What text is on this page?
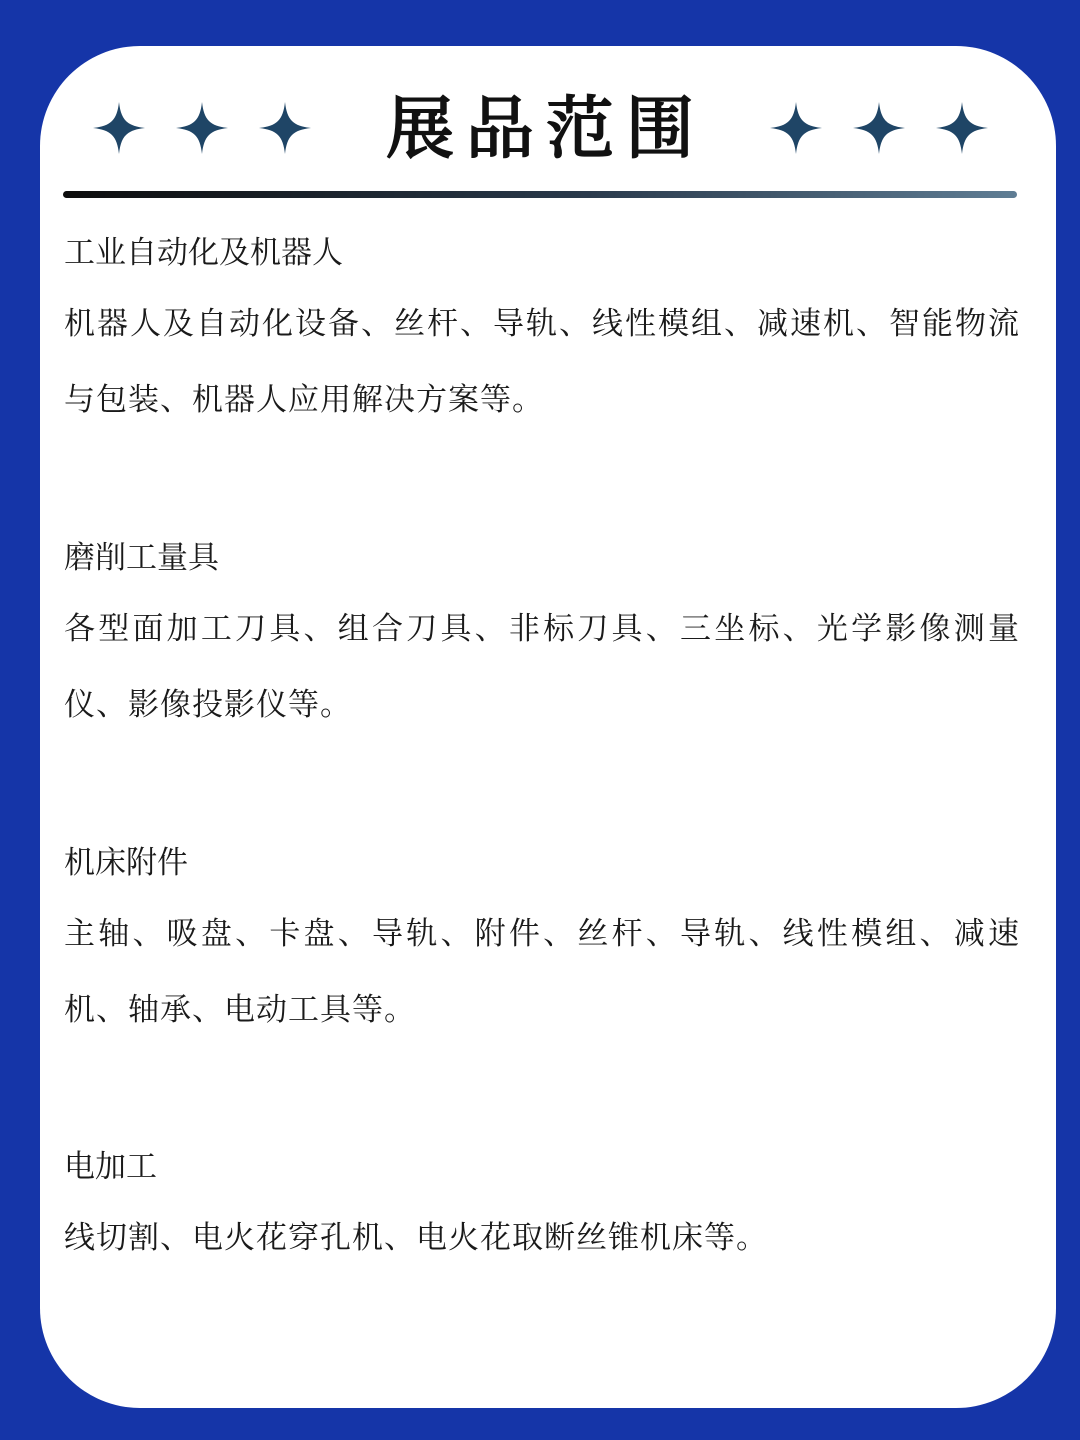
展品范围

工业自动化及机器人

机器人及自动化设备、丝杆、导轨、线性模组、减速机、智能物流与包装、机器人应用解决方案等。

磨削工量具

各型面加工刀具、组合刀具、非标刀具、三坐标、光学影像测量仪、影像投影仪等。

机床附件

主轴、吸盘、卡盘、导轨、附件、丝杆、导轨、线性模组、减速机、轴承、电动工具等。

电加工

线切割、电火花穿孔机、电火花取断丝锥机床等。
